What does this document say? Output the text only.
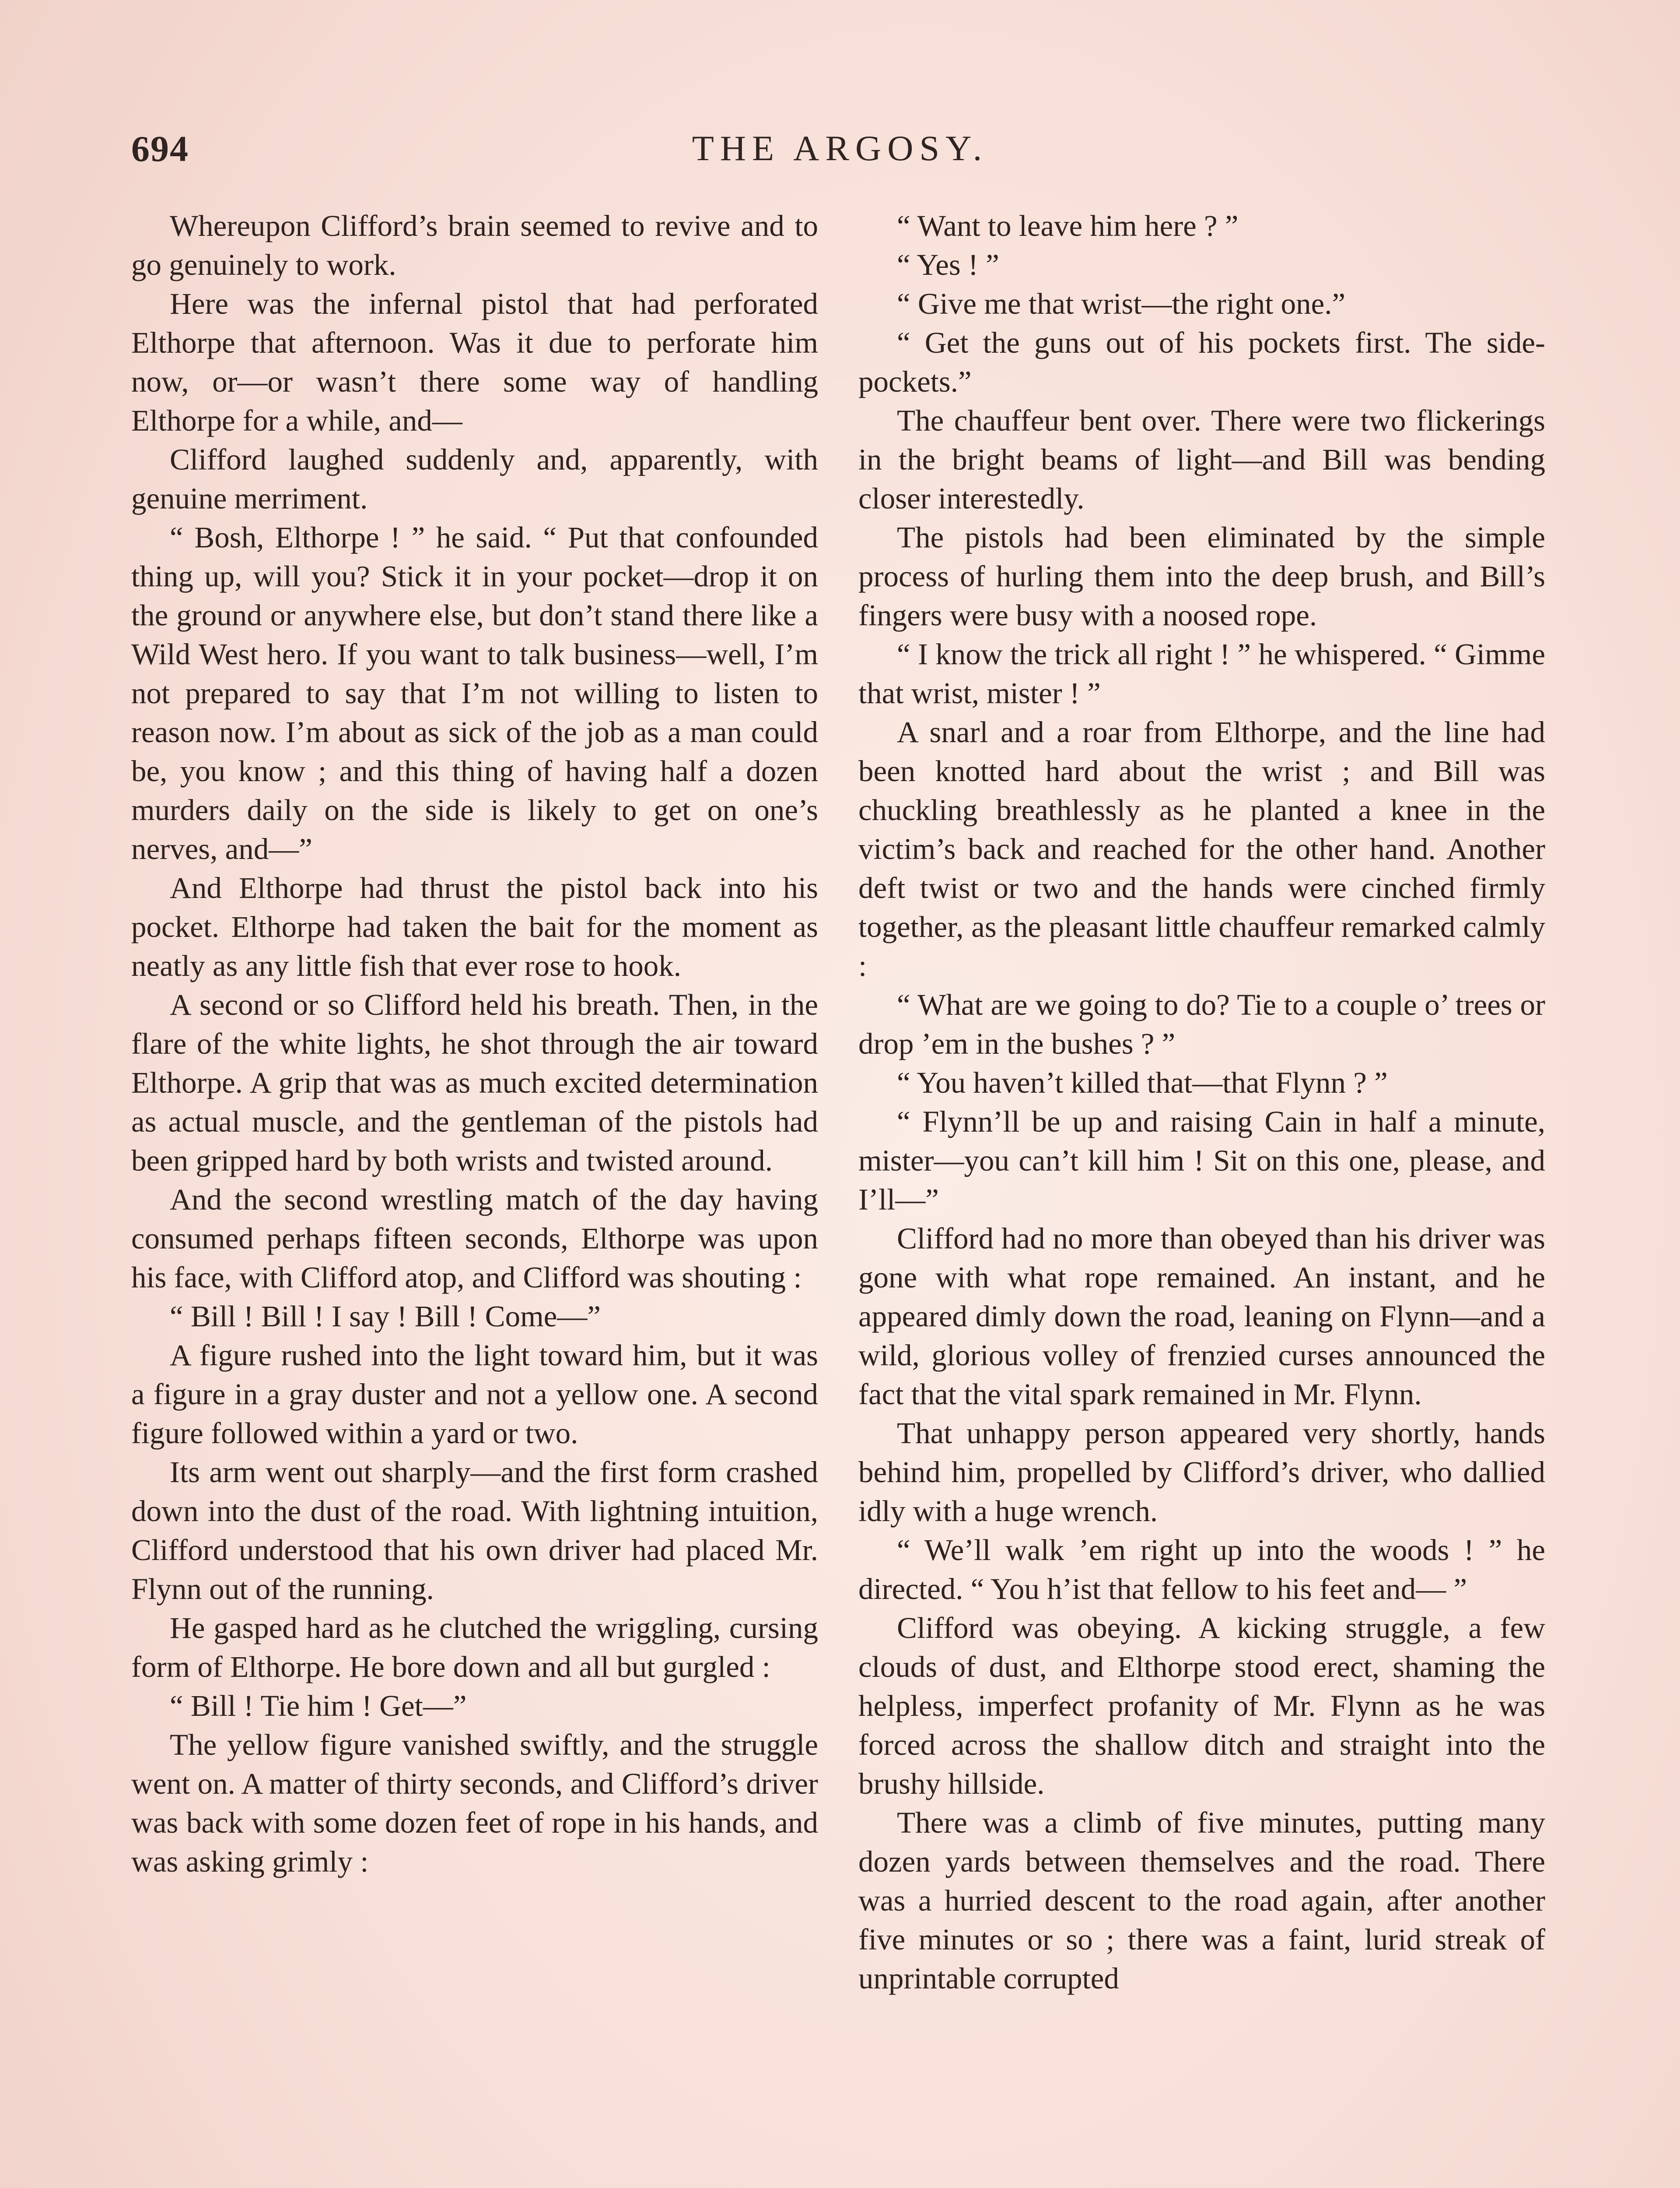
694	THE ARGOSY.

Whereupon Clifford’s brain seemed to revive and to go genuinely to work.

Here was the infernal pistol that had perforated Elthorpe that afternoon. Was it due to perforate him now, or—or wasn’t there some way of handling Elthorpe for a while, and—

Clifford laughed suddenly and, apparently, with genuine merriment.

“ Bosh, Elthorpe ! ” he said. “ Put that confounded thing up, will you? Stick it in your pocket—drop it on the ground or anywhere else, but don’t stand there like a Wild West hero. If you want to talk business—well, I’m not prepared to say that I’m not willing to listen to reason now. I’m about as sick of the job as a man could be, you know ; and this thing of having half a dozen murders daily on the side is likely to get on one’s nerves, and—”

And Elthorpe had thrust the pistol back into his pocket. Elthorpe had taken the bait for the moment as neatly as any little fish that ever rose to hook.

A second or so Clifford held his breath. Then, in the flare of the white lights, he shot through the air toward Elthorpe. A grip that was as much excited determination as actual muscle, and the gentleman of the pistols had been gripped hard by both wrists and twisted around.

And the second wrestling match of the day having consumed perhaps fifteen seconds, Elthorpe was upon his face, with Clifford atop, and Clifford was shouting :

“ Bill ! Bill ! I say ! Bill ! Come—”

A figure rushed into the light toward him, but it was a figure in a gray duster and not a yellow one. A second figure followed within a yard or two.

Its arm went out sharply—and the first form crashed down into the dust of the road. With lightning intuition, Clifford understood that his own driver had placed Mr. Flynn out of the running.

He gasped hard as he clutched the wriggling, cursing form of Elthorpe. He bore down and all but gurgled :

“ Bill ! Tie him ! Get—”

The yellow figure vanished swiftly, and the struggle went on. A matter of thirty seconds, and Clifford’s driver was back with some dozen feet of rope in his hands, and was asking grimly :

“ Want to leave him here ? ”

“ Yes ! ”

“ Give me that wrist—the right one.”

“ Get the guns out of his pockets first. The side-pockets.”

The chauffeur bent over. There were two flickerings in the bright beams of light—and Bill was bending closer interestedly.

The pistols had been eliminated by the simple process of hurling them into the deep brush, and Bill’s fingers were busy with a noosed rope.

“ I know the trick all right ! ” he whispered. “ Gimme that wrist, mister ! ”

A snarl and a roar from Elthorpe, and the line had been knotted hard about the wrist ; and Bill was chuckling breathlessly as he planted a knee in the victim’s back and reached for the other hand. Another deft twist or two and the hands were cinched firmly together, as the pleasant little chauffeur remarked calmly :

“ What are we going to do? Tie to a couple o’ trees or drop ’em in the bushes ? ”

“ You haven’t killed that—that Flynn ? ”

“ Flynn’ll be up and raising Cain in half a minute, mister—you can’t kill him ! Sit on this one, please, and I’ll—”

Clifford had no more than obeyed than his driver was gone with what rope remained. An instant, and he appeared dimly down the road, leaning on Flynn—and a wild, glorious volley of frenzied curses announced the fact that the vital spark remained in Mr. Flynn.

That unhappy person appeared very shortly, hands behind him, propelled by Clifford’s driver, who dallied idly with a huge wrench.

“ We’ll walk ’em right up into the woods ! ” he directed. “ You h’ist that fellow to his feet and— ”

Clifford was obeying. A kicking struggle, a few clouds of dust, and Elthorpe stood erect, shaming the helpless, imperfect profanity of Mr. Flynn as he was forced across the shallow ditch and straight into the brushy hillside.

There was a climb of five minutes, putting many dozen yards between themselves and the road. There was a hurried descent to the road again, after another five minutes or so ; there was a faint, lurid streak of unprintable corrupted
